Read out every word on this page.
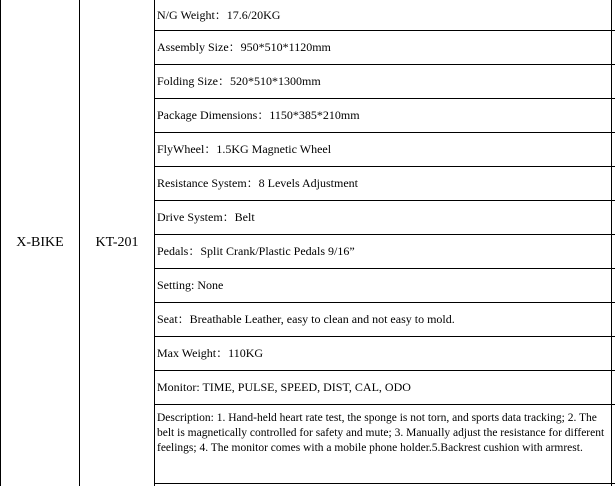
X-BIKE KT-201
N/G Weight：17.6/20KG
Assembly Size：950*510*1120mm
Folding Size：520*510*1300mm
Package Dimensions：1150*385*210mm
FlyWheel：1.5KG Magnetic Wheel
Resistance System：8 Levels Adjustment
Drive System：Belt
Pedals：Split Crank/Plastic Pedals 9/16”
Setting: None
Seat：Breathable Leather, easy to clean and not easy to mold.
Max Weight：110KG
Monitor: TIME, PULSE, SPEED, DIST, CAL, ODO
Description: 1. Hand-held heart rate test, the sponge is not torn, and sports data tracking; 2. The belt is magnetically controlled for safety and mute; 3. Manually adjust the resistance for different feelings; 4. The monitor comes with a mobile phone holder.5.Backrest cushion with armrest.
